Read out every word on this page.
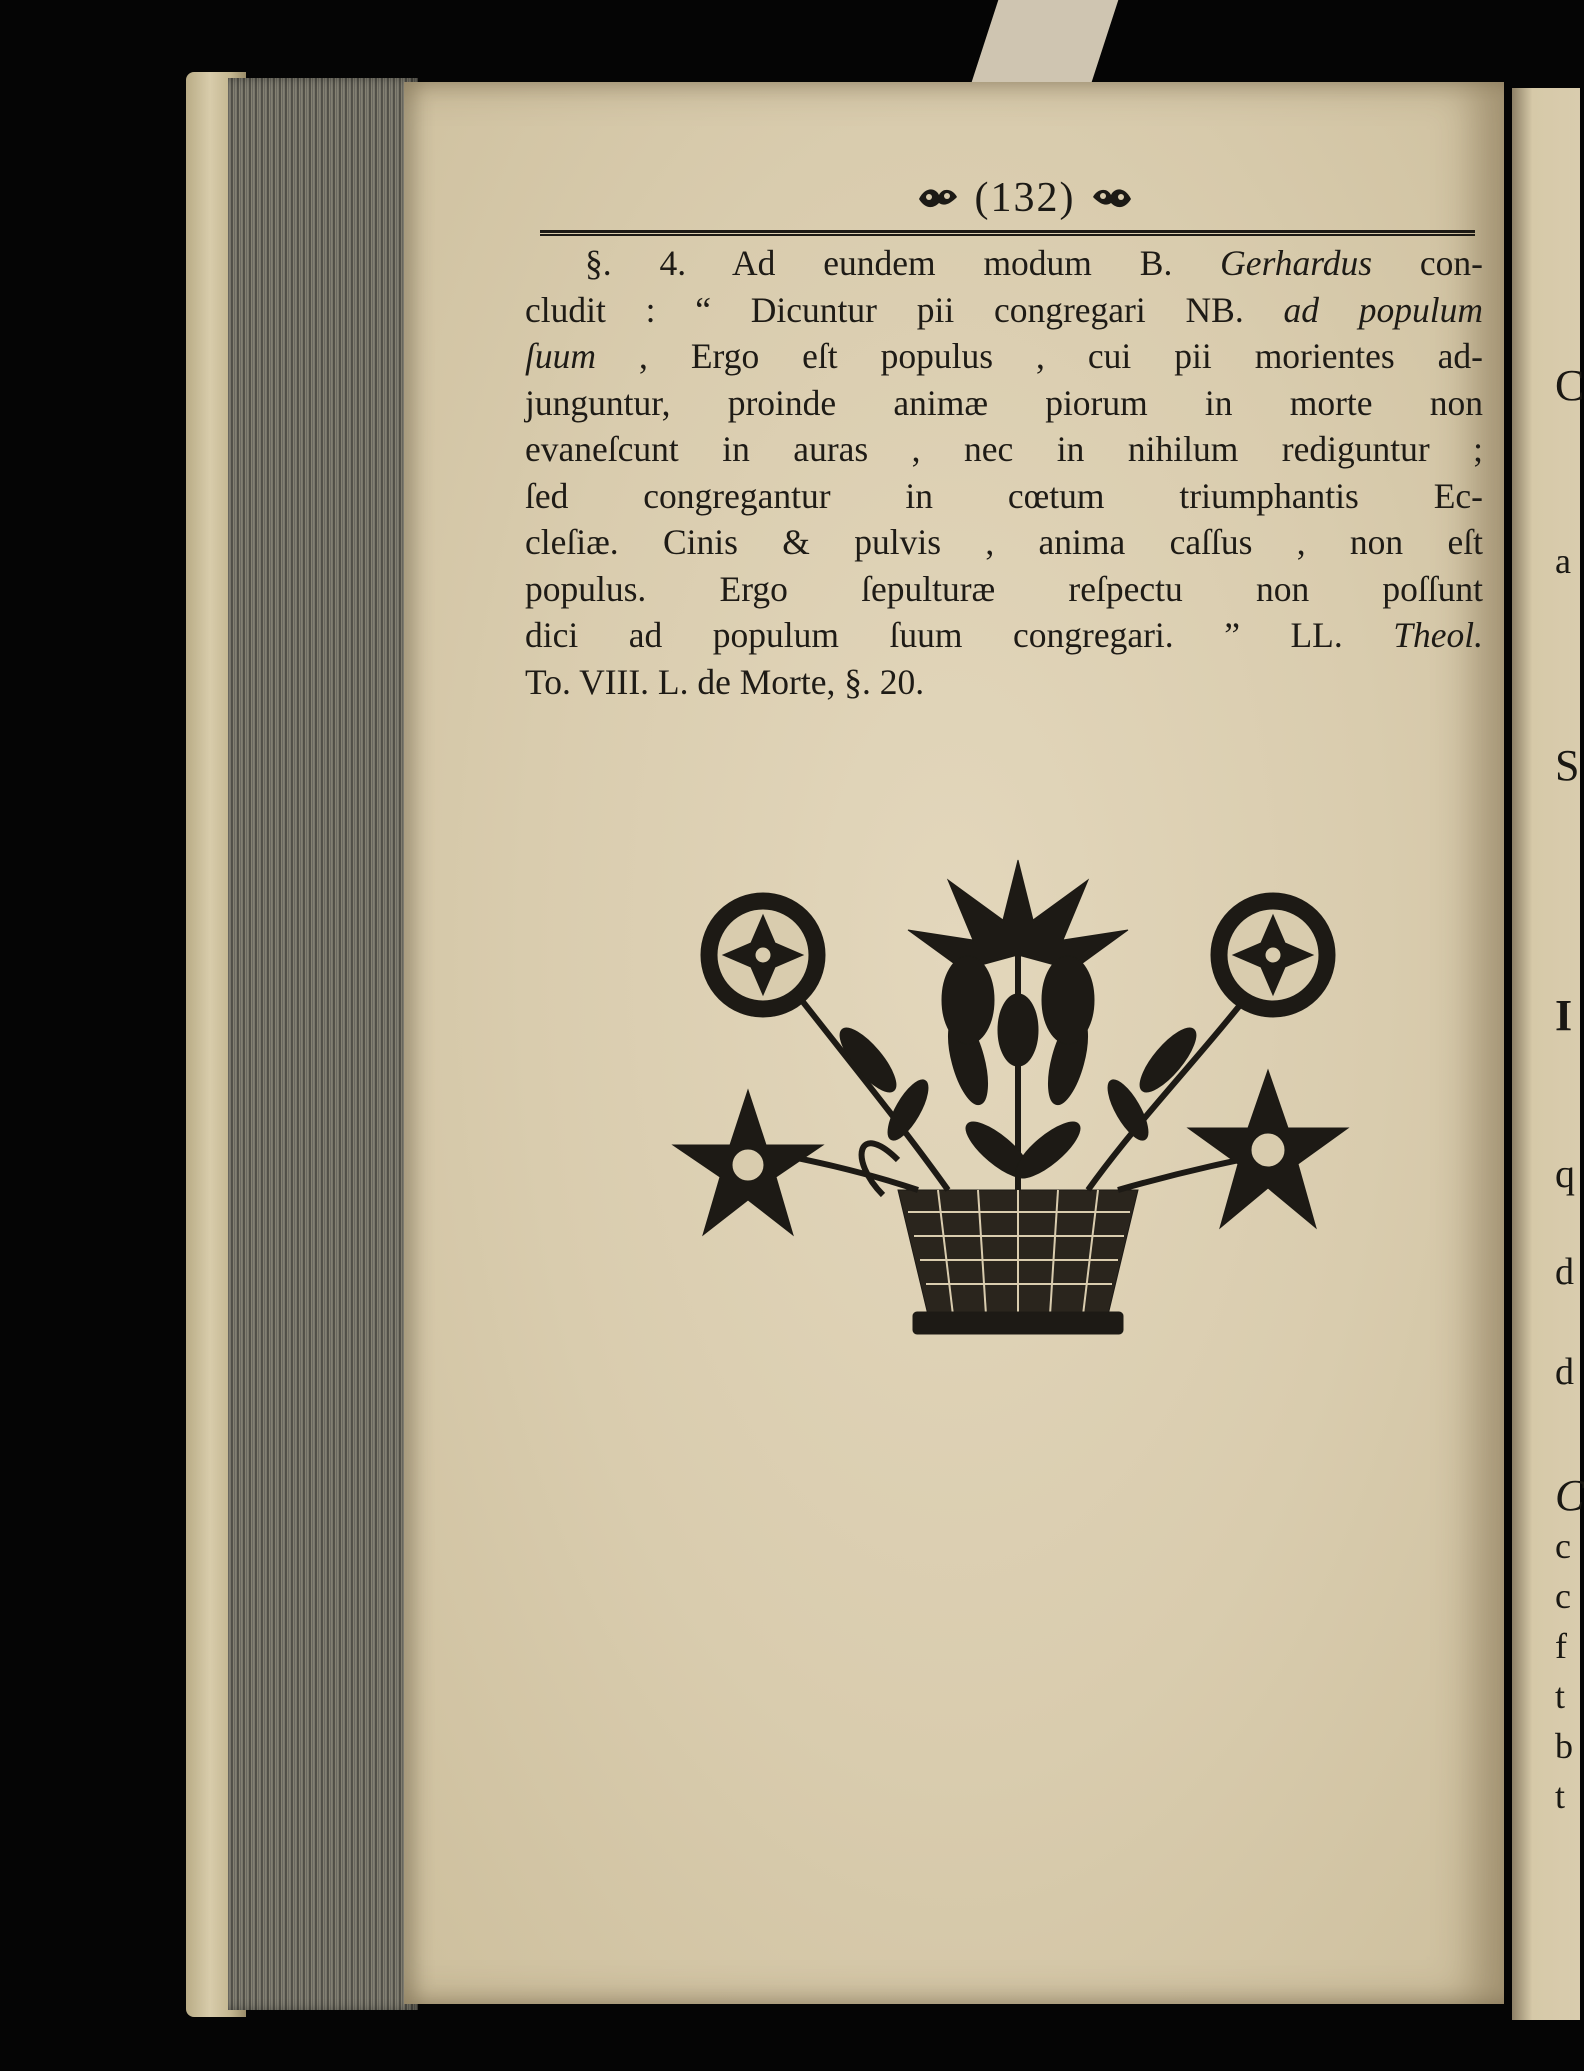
(132)
§. 4. Ad eundem modum B. Gerhardus con-
cludit : “ Dicuntur pii congregari NB. ad populum
ſuum , Ergo eſt populus , cui pii morientes ad-
junguntur, proinde animæ piorum in morte non
evaneſcunt in auras , nec in nihilum rediguntur ;
ſed congregantur in cœtum triumphantis Ec-
cleſiæ. Cinis & pulvis , anima caſſus , non eſt
populus. Ergo ſepulturæ reſpectu non poſſunt
dici ad populum ſuum congregari. ” LL. Theol.
To. VIII. L. de Morte, §. 20.
C
a
S
I
q
d
d
C
c
c
f
t
b
t
